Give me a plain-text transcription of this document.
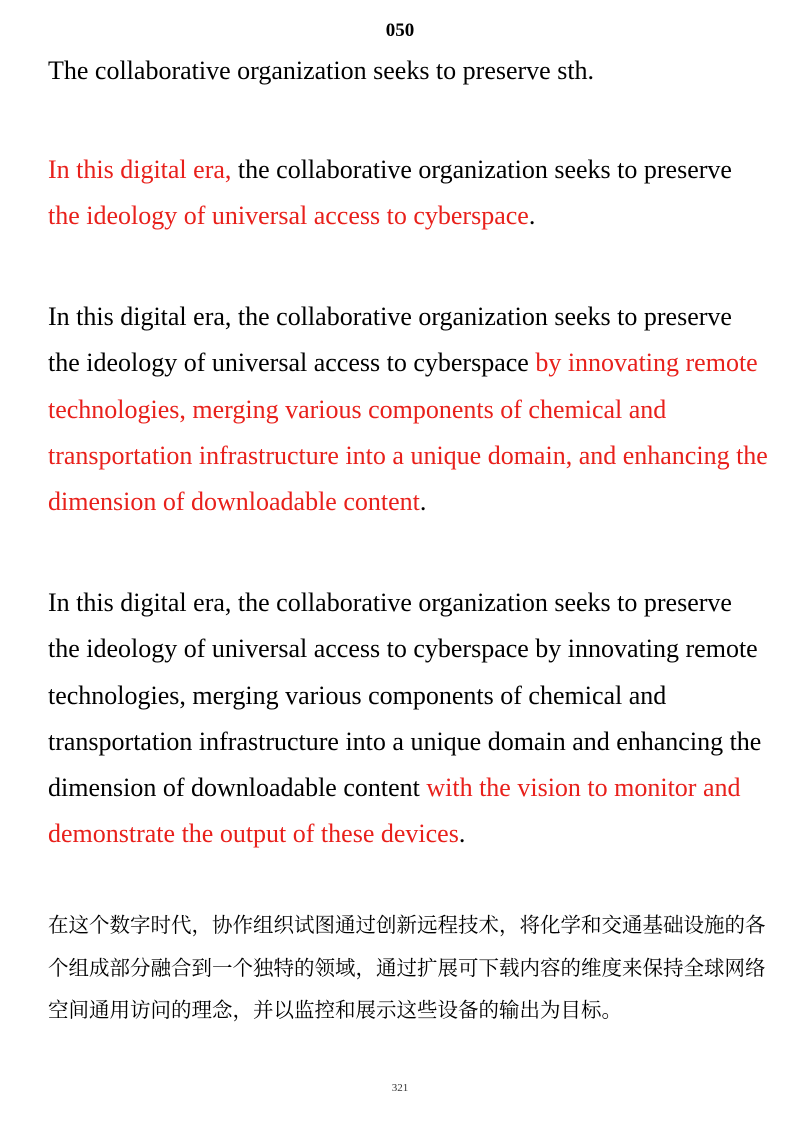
050
The collaborative organization seeks to preserve sth.
In this digital era, the collaborative organization seeks to preserve the ideology of universal access to cyberspace.
In this digital era, the collaborative organization seeks to preserve the ideology of universal access to cyberspace by innovating remote technologies, merging various components of chemical and transportation infrastructure into a unique domain, and enhancing the dimension of downloadable content.
In this digital era, the collaborative organization seeks to preserve the ideology of universal access to cyberspace by innovating remote technologies, merging various components of chemical and transportation infrastructure into a unique domain and enhancing the dimension of downloadable content with the vision to monitor and demonstrate the output of these devices.
在这个数字时代，协作组织试图通过创新远程技术，将化学和交通基础设施的各个组成部分融合到一个独特的领域，通过扩展可下载内容的维度来保持全球网络空间通用访问的理念，并以监控和展示这些设备的输出为目标。
321
